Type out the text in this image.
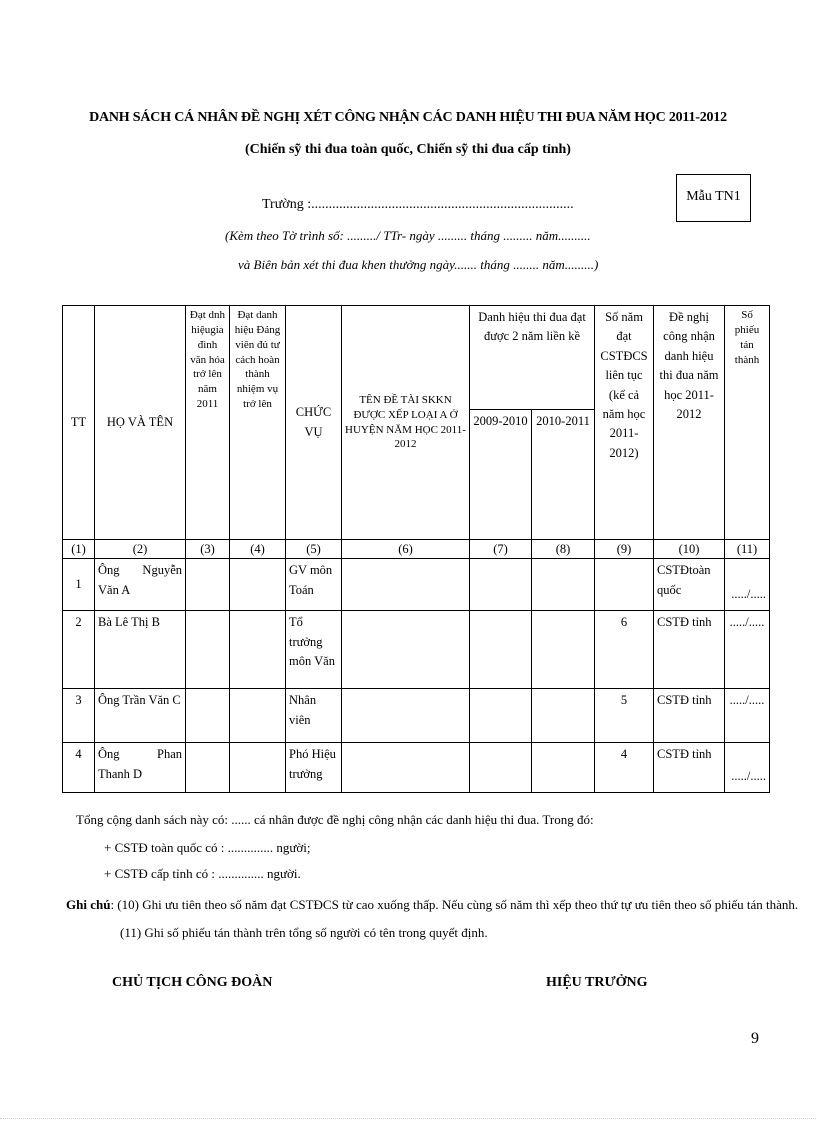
DANH SÁCH CÁ NHÂN ĐỀ NGHỊ XÉT CÔNG NHẬN CÁC DANH HIỆU THI ĐUA NĂM HỌC 2011-2012
(Chiến sỹ thi đua toàn quốc, Chiến sỹ thi đua cấp tỉnh)
Mẫu TN1
Trường :...........................................................................
(Kèm theo Tờ trình số: ........./ TTr- ngày ......... tháng ......... năm..........
và Biên bản xét thi đua khen thưởng ngày....... tháng ........ năm.........)
TT	HỌ VÀ TÊN	Đạt dnh hiệugia đình văn hóa trở lên năm 2011	Đạt danh hiệu Đảng viên đủ tư cách hoàn thành nhiệm vụ trở lên	CHỨC VỤ	TÊN ĐỀ TÀI SKKN ĐƯỢC XẾP LOẠI A Ở HUYỆN NĂM HỌC 2011-2012	Danh hiệu thi đua đạt được 2 năm liền kề		Số năm đạt CSTĐCS liên tục (kể cả năm học 2011-2012)	Đề nghị công nhận danh hiệu thi đua năm học 2011-2012	Số phiếu tán thành
						2009-2010	2010-2011			
(1)	(2)	(3)	(4)	(5)	(6)	(7)	(8)	(9)	(10)	(11)
1	Ông Nguyễn Văn A			GV môn Toán					CSTĐtoàn quốc	...../.....
2	Bà Lê Thị B			Tổ trưởng môn Văn				6	CSTĐ tỉnh	...../.....
3	Ông Trần Văn C			Nhân viên				5	CSTĐ tỉnh	...../.....
4	Ông Phan Thanh D			Phó Hiệu trưởng				4	CSTĐ tỉnh	...../.....
Tổng cộng danh sách này có: ...... cá nhân được đề nghị công nhận các danh hiệu thi đua. Trong đó:
+ CSTĐ toàn quốc có : .............. người;
+ CSTĐ cấp tỉnh có : .............. người.
Ghi chú: (10) Ghi ưu tiên theo số năm đạt CSTĐCS từ cao xuống thấp. Nếu cùng số năm thì xếp theo thứ tự ưu tiên theo số phiếu tán thành.
(11) Ghi số phiếu tán thành trên tổng số người có tên trong quyết định.
CHỦ TỊCH CÔNG ĐOÀN	HIỆU TRƯỞNG
9
